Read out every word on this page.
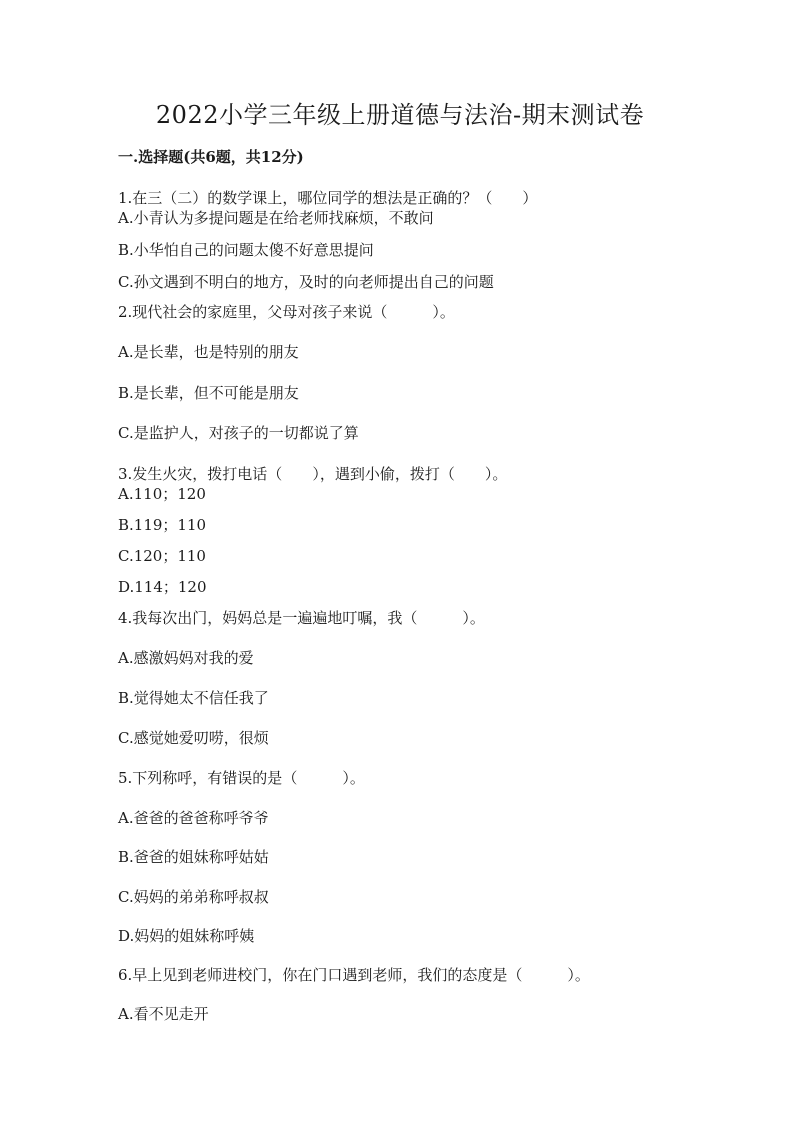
2022小学三年级上册道德与法治-期末测试卷
一.选择题(共6题，共12分)
1.在三（二）的数学课上，哪位同学的想法是正确的？（　　）
A.小青认为多提问题是在给老师找麻烦，不敢问
B.小华怕自己的问题太傻不好意思提问
C.孙文遇到不明白的地方，及时的向老师提出自己的问题
2.现代社会的家庭里，父母对孩子来说（　　　）。
A.是长辈，也是特别的朋友
B.是长辈，但不可能是朋友
C.是监护人，对孩子的一切都说了算
3.发生火灾，拨打电话（　　），遇到小偷，拨打（　　）。
A.110；120
B.119；110
C.120；110
D.114；120
4.我每次出门，妈妈总是一遍遍地叮嘱，我（　　　）。
A.感激妈妈对我的爱
B.觉得她太不信任我了
C.感觉她爱叨唠，很烦
5.下列称呼，有错误的是（　　　）。
A.爸爸的爸爸称呼爷爷
B.爸爸的姐妹称呼姑姑
C.妈妈的弟弟称呼叔叔
D.妈妈的姐妹称呼姨
6.早上见到老师进校门，你在门口遇到老师，我们的态度是（　　　）。
A.看不见走开
